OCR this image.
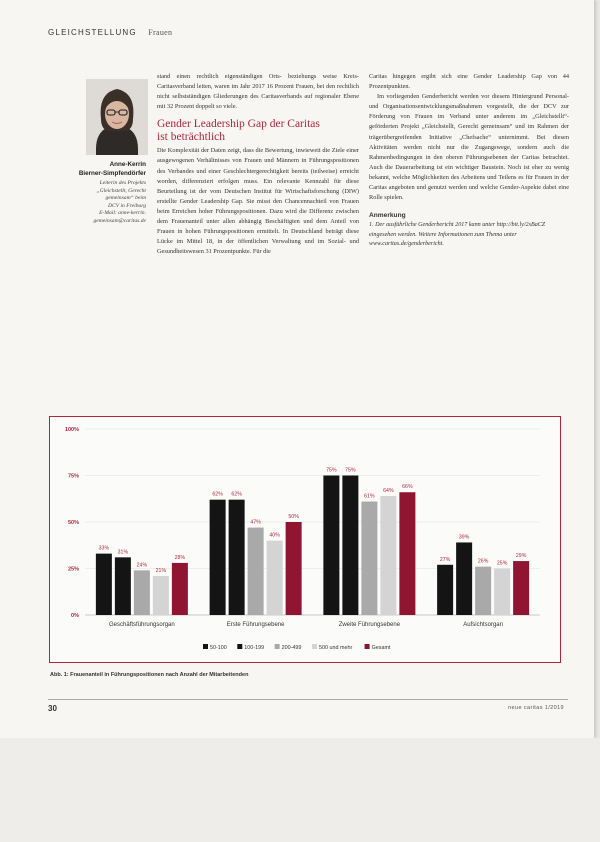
GLEICHSTELLUNG Frauen
Anne-Kerrin
Bierner-Simpfendörfer
Leiterin des Projekts
„Gleichstellt, Gerecht
gemeinsam“ beim
DCV in Freiburg
E-Mail: anne-kerrin.
gemeinsam@caritas.de

stand einen rechtlich eigenständigen Orts- beziehungs weise Kreis-Caritasverband leiten, waren im Jahr 2017 16 Prozent Frauen, bei den rechtlich nicht selbstständigen Gliederungen des Caritasverbands auf regionaler Ebene mit 32 Prozent doppelt so viele.

Gender Leadership Gap der Caritas
ist beträchtlich

Die Komplexität der Daten zeigt, dass die Bewertung, inwieweit die Ziele einer ausgewogenen Verhältnisses von Frauen und Männern in Führungspositionen des Verbandes und einer Geschlechtergerechtigkeit bereits (teilweise) erreicht worden, differenziert erfolgen muss. Ein relevante Kennzahl für diese Beurteilung ist der vom Deutschen Institut für Wirtschaftsforschung (DIW) erstellte Gender Leadership Gap. Sie misst den Chancennachteil von Frauen beim Erreichen hoher Führungspositionen. Dazu wird die Differenz zwischen dem Frauenanteil unter allen abhängig Beschäftigten und dem Anteil von Frauen in hohen Führungspositionen ermittelt. In Deutschland beträgt diese Lücke im Mittel 18, in der öffentlichen Verwaltung und im Sozial- und Gesundheitswesen 31 Prozentpunkte. Für die

Caritas hingegen ergibt sich eine Gender Leadership Gap von 44 Prozentpunkten.

Im vorliegenden Genderbericht werden vor diesem Hintergrund Personal- und Organisationsentwicklungsmaßnahmen vorgestellt, die der DCV zur Förderung von Frauen im Verband unter anderem im „Gleichstellt“-geförderten Projekt „Gleichstellt, Gerecht gemeinsam“ und im Rahmen der trägerübergreifenden Initiative „Chefsache“ unternimmt. Bei diesen Aktivitäten werden nicht nur die Zugangswege, sondern auch die Rahmenbedingungen in den oberen Führungsebenen der Caritas betrachtet. Auch die Dauerarbeitung ist ein wichtiger Baustein. Noch ist eher zu wenig bekannt, welche Möglichkeiten des Arbeitens und Teilens es für Frauen in der Caritas angeboten und genutzt werden und welche Gender-Aspekte dabei eine Rolle spielen.

Anmerkung

1. Der ausführliche Genderbericht 2017 kann unter http://bit.ly/2sBaCZ eingesehen werden. Weitere Informationen zum Thema unter www.caritas.de/genderbericht.

0%
25%
50%
75%
100%
33%
31%
24%
21%
28%
Geschäftsführungsorgan
62% 62%
47%
40%
50%
Erste Führungsebene
75% 75%
61%
64%
66%
Zweite Führungsebene
27%
39%
26% 25%
29%
Aufsichtsorgan
50-100	100-199	200-499	500 und mehr	Gesamt
Abb. 1: Frauenanteil in Führungspositionen nach Anzahl der Mitarbeitenden
30	neue caritas 1/2019
